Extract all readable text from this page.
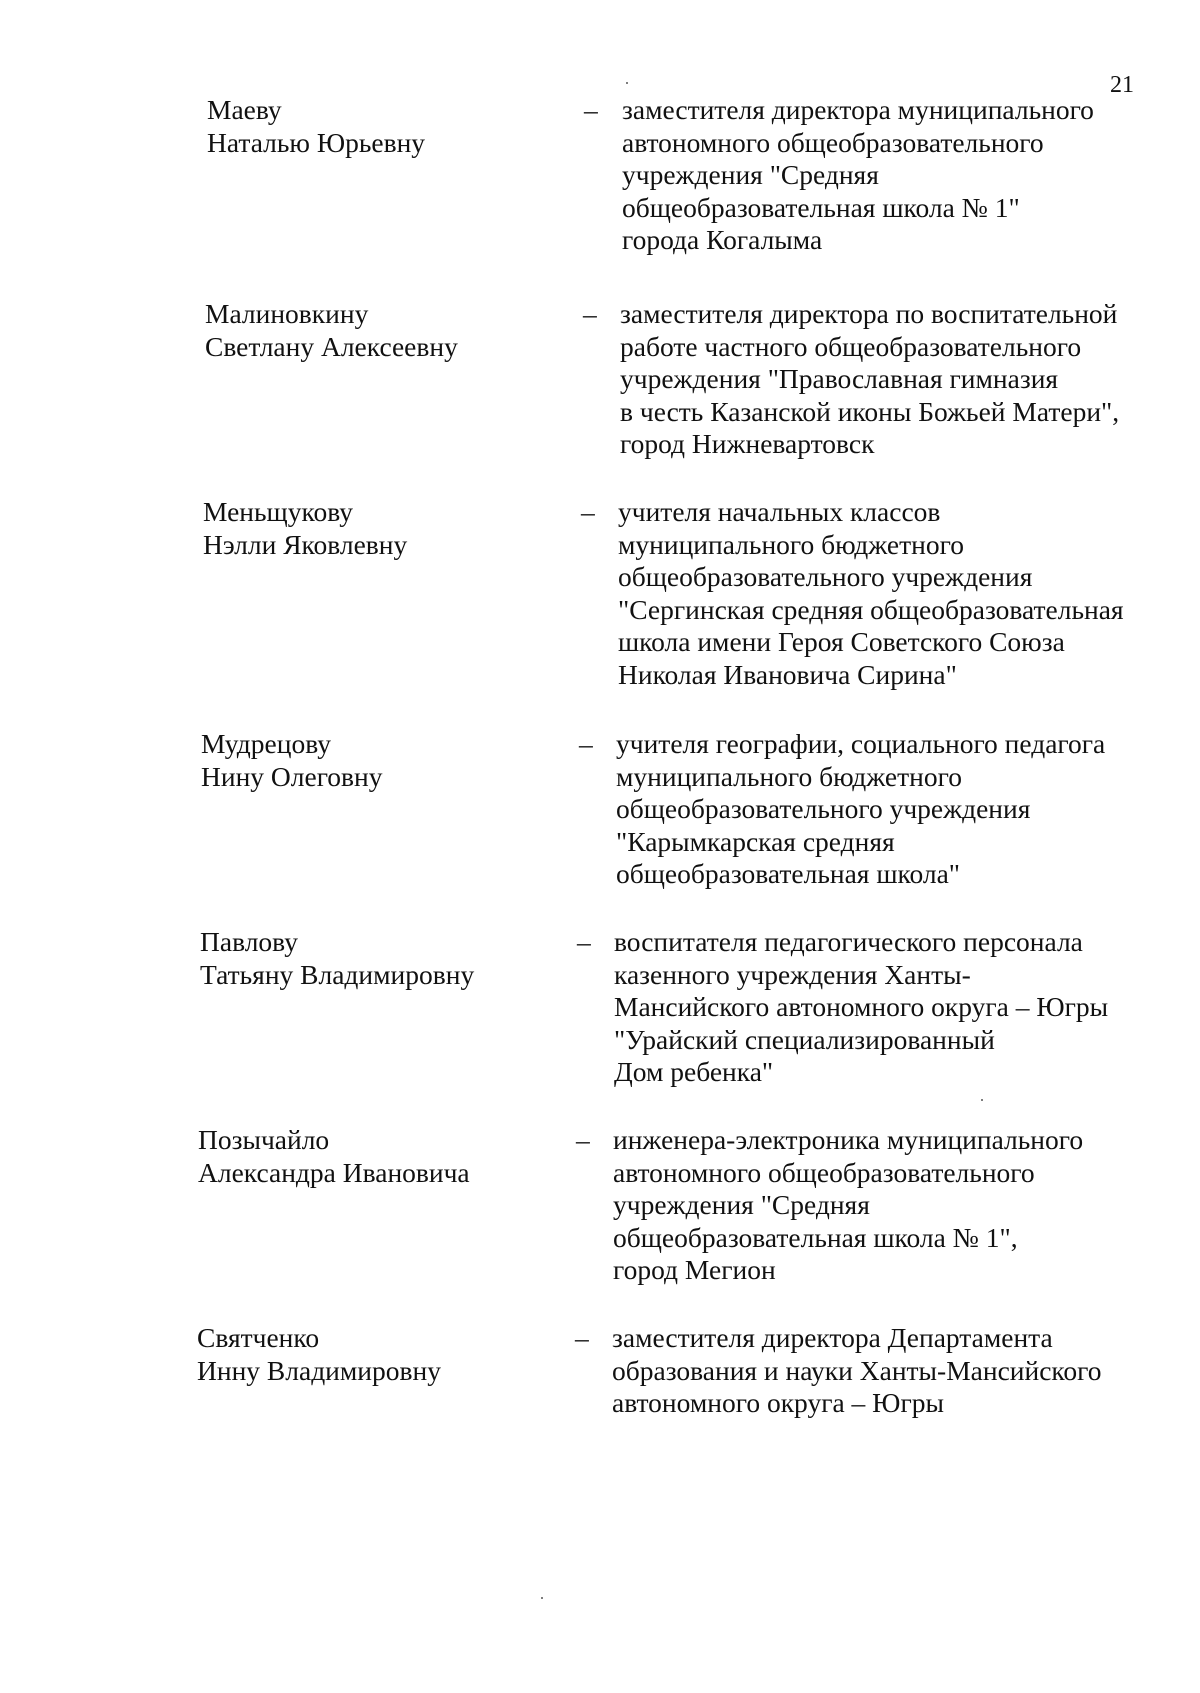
21
Маеву
Наталью Юрьевну
– заместителя директора муниципального
автономного общеобразовательного
учреждения "Средняя
общеобразовательная школа № 1"
города Когалыма
Малиновкину
Светлану Алексеевну
– заместителя директора по воспитательной
работе частного общеобразовательного
учреждения "Православная гимназия
в честь Казанской иконы Божьей Матери",
город Нижневартовск
Меньщукову
Нэлли Яковлевну
– учителя начальных классов
муниципального бюджетного
общеобразовательного учреждения
"Сергинская средняя общеобразовательная
школа имени Героя Советского Союза
Николая Ивановича Сирина"
Мудрецову
Нину Олеговну
– учителя географии, социального педагога
муниципального бюджетного
общеобразовательного учреждения
"Карымкарская средняя
общеобразовательная школа"
Павлову
Татьяну Владимировну
– воспитателя педагогического персонала
казенного учреждения Ханты-
Мансийского автономного округа – Югры
"Урайский специализированный
Дом ребенка"
Позычайло
Александра Ивановича
– инженера-электроника муниципального
автономного общеобразовательного
учреждения "Средняя
общеобразовательная школа № 1",
город Мегион
Святченко
Инну Владимировну
– заместителя директора Департамента
образования и науки Ханты-Мансийского
автономного округа – Югры
